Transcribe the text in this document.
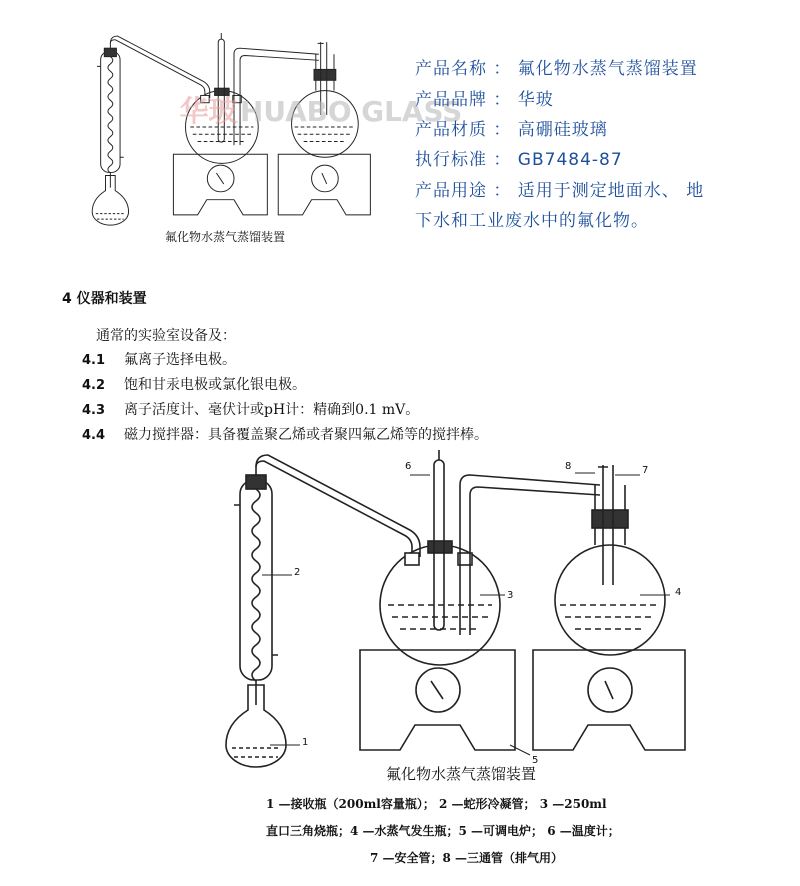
华玻 HUABO GLASS
氟化物水蒸气蒸馏装置
产品名称 ： 氟化物水蒸气蒸馏装置
产品品牌 ： 华玻
产品材质 ： 高硼硅玻璃
执行标准 ： GB7484-87
产品用途 ： 适用于测定地面水、 地
下水和工业废水中的氟化物。
4 仪器和装置
通常的实验室设备及：
4.1 氟离子选择电极。
4.2 饱和甘汞电极或氯化银电极。
4.3 离子活度计、毫伏计或pH计：精确到0.1 mV。
4.4 磁力搅拌器：具备覆盖聚乙烯或者聚四氟乙烯等的搅拌棒。
1
2
3	4
5
6	7
8
氟化物水蒸气蒸馏装置
1 —接收瓶（200ml容量瓶）； 2 —蛇形冷凝管； 3 —250ml
直口三角烧瓶；4 —水蒸气发生瓶；5 —可调电炉； 6 —温度计；
7 —安全管；8 —三通管（排气用）
